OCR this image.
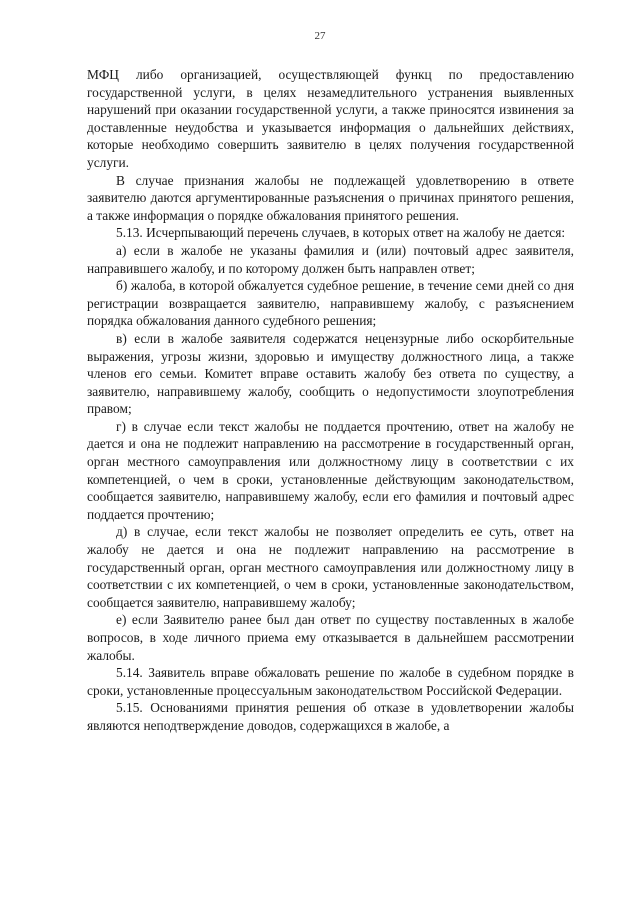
27

МФЦ либо организацией, осуществляющей функц по предоставлению государственной услуги, в целях незамедлительного устранения выявленных нарушений при оказании государственной услуги, а также приносятся извинения за доставленные неудобства и указывается информация о дальнейших действиях, которые необходимо совершить заявителю в целях получения государственной услуги.

В случае признания жалобы не подлежащей удовлетворению в ответе заявителю даются аргументированные разъяснения о причинах принятого решения, а также информация о порядке обжалования принятого решения.

5.13. Исчерпывающий перечень случаев, в которых ответ на жалобу не дается:

а) если в жалобе не указаны фамилия и (или) почтовый адрес заявителя, направившего жалобу, и по которому должен быть направлен ответ;

б) жалоба, в которой обжалуется судебное решение, в течение семи дней со дня регистрации возвращается заявителю, направившему жалобу, с разъяснением порядка обжалования данного судебного решения;

в) если в жалобе заявителя содержатся нецензурные либо оскорбительные выражения, угрозы жизни, здоровью и имуществу должностного лица, а также членов его семьи. Комитет вправе оставить жалобу без ответа по существу, а заявителю, направившему жалобу, сообщить о недопустимости злоупотребления правом;

г) в случае если текст жалобы не поддается прочтению, ответ на жалобу не дается и она не подлежит направлению на рассмотрение в государственный орган, орган местного самоуправления или должностному лицу в соответствии с их компетенцией, о чем в сроки, установленные действующим законодательством, сообщается заявителю, направившему жалобу, если его фамилия и почтовый адрес поддается прочтению;

д) в случае, если текст жалобы не позволяет определить ее суть, ответ на жалобу не дается и она не подлежит направлению на рассмотрение в государственный орган, орган местного самоуправления или должностному лицу в соответствии с их компетенцией, о чем в сроки, установленные законодательством, сообщается заявителю, направившему жалобу;

е) если Заявителю ранее был дан ответ по существу поставленных в жалобе вопросов, в ходе личного приема ему отказывается в дальнейшем рассмотрении жалобы.

5.14. Заявитель вправе обжаловать решение по жалобе в судебном порядке в сроки, установленные процессуальным законодательством Российской Федерации.

5.15. Основаниями принятия решения об отказе в удовлетворении жалобы являются неподтверждение доводов, содержащихся в жалобе, а
